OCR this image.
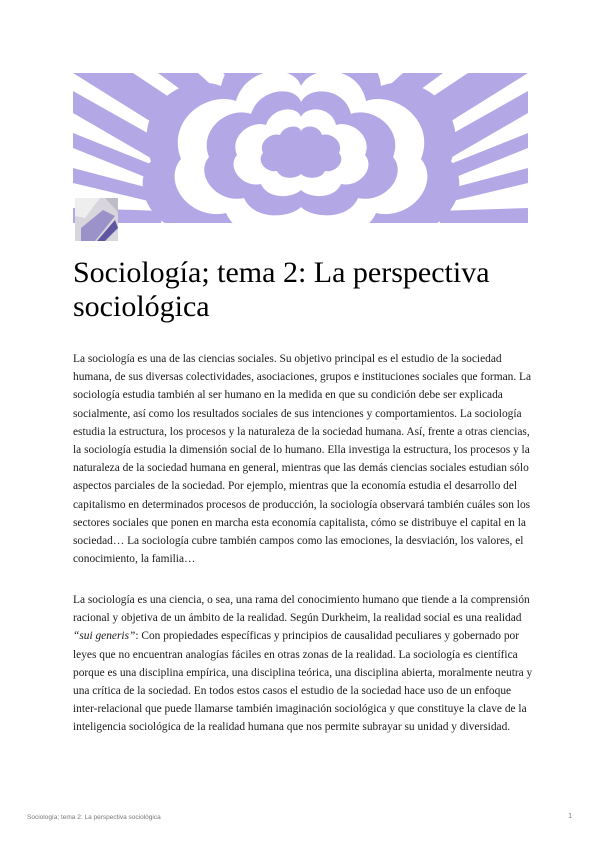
Sociología; tema 2: La perspectiva sociológica

La sociología es una de las ciencias sociales. Su objetivo principal es el estudio de la sociedad humana, de sus diversas colectividades, asociaciones, grupos e instituciones sociales que forman. La sociología estudia también al ser humano en la medida en que su condición debe ser explicada socialmente, así como los resultados sociales de sus intenciones y comportamientos. La sociología estudia la estructura, los procesos y la naturaleza de la sociedad humana. Así, frente a otras ciencias, la sociología estudia la dimensión social de lo humano. Ella investiga la estructura, los procesos y la naturaleza de la sociedad humana en general, mientras que las demás ciencias sociales estudian sólo aspectos parciales de la sociedad. Por ejemplo, mientras que la economía estudia el desarrollo del capitalismo en determinados procesos de producción, la sociología observará también cuáles son los sectores sociales que ponen en marcha esta economía capitalista, cómo se distribuye el capital en la sociedad… La sociología cubre también campos como las emociones, la desviación, los valores, el conocimiento, la familia…

La sociología es una ciencia, o sea, una rama del conocimiento humano que tiende a la comprensión racional y objetiva de un ámbito de la realidad. Según Durkheim, la realidad social es una realidad “sui generis”: Con propiedades específicas y principios de causalidad peculiares y gobernado por leyes que no encuentran analogías fáciles en otras zonas de la realidad. La sociología es científica porque es una disciplina empírica, una disciplina teórica, una disciplina abierta, moralmente neutra y una crítica de la sociedad. En todos estos casos el estudio de la sociedad hace uso de un enfoque inter-relacional que puede llamarse también imaginación sociológica y que constituye la clave de la inteligencia sociológica de la realidad humana que nos permite subrayar su unidad y diversidad.

Sociología; tema 2: La perspectiva sociológica	1
